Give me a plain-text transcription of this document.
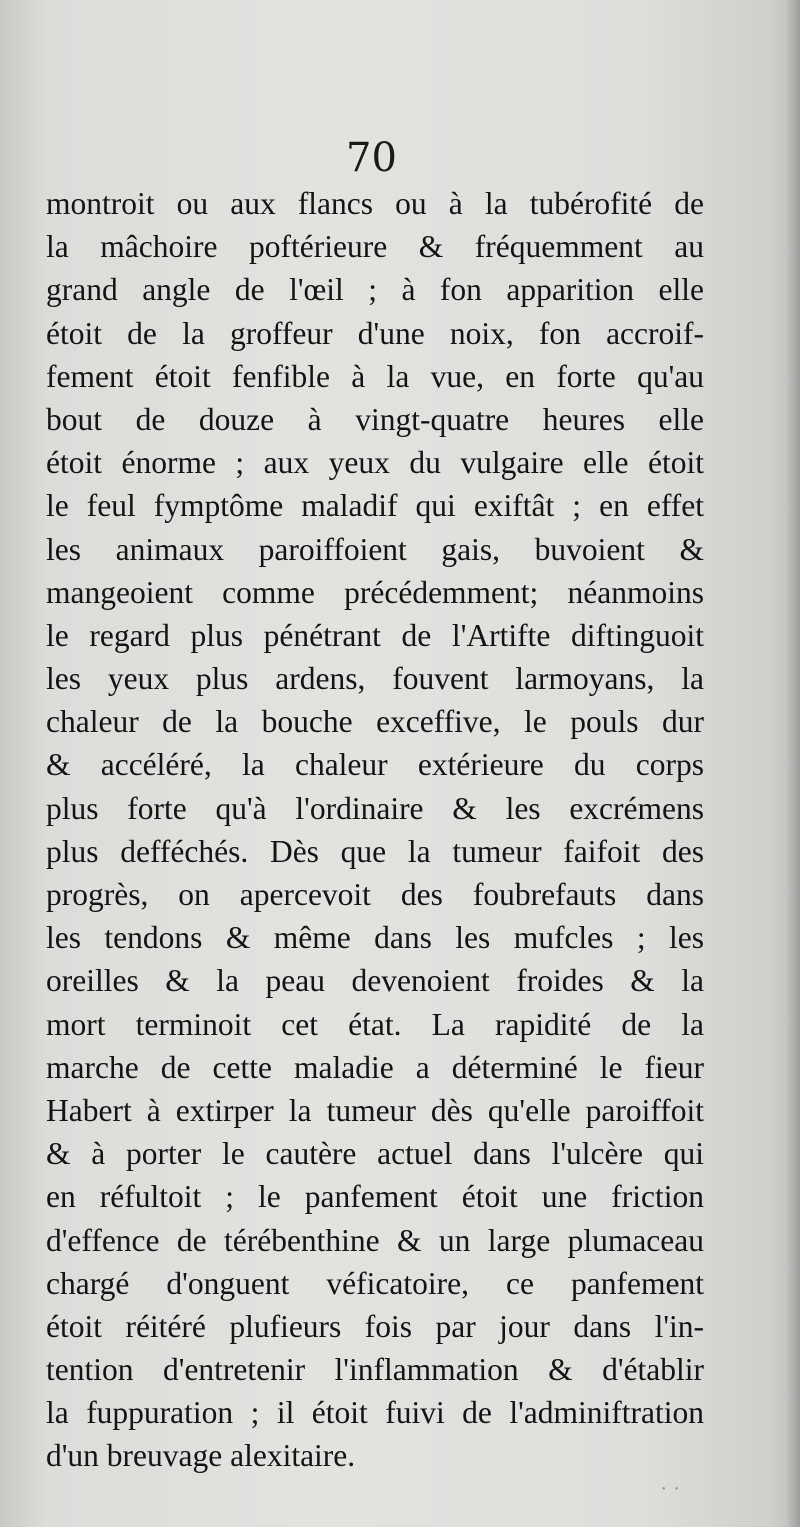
70
montroit ou aux flancs ou à la tubérofité de
la mâchoire poftérieure & fréquemment au
grand angle de l'œil ; à fon apparition elle
étoit de la groffeur d'une noix, fon accroif-
fement étoit fenfible à la vue, en forte qu'au
bout de douze à vingt-quatre heures elle
étoit énorme ; aux yeux du vulgaire elle étoit
le feul fymptôme maladif qui exiftât ; en effet
les animaux paroiffoient gais, buvoient &
mangeoient comme précédemment; néanmoins
le regard plus pénétrant de l'Artifte diftinguoit
les yeux plus ardens, fouvent larmoyans, la
chaleur de la bouche exceffive, le pouls dur
& accéléré, la chaleur extérieure du corps
plus forte qu'à l'ordinaire & les excrémens
plus defféchés. Dès que la tumeur faifoit des
progrès, on apercevoit des foubrefauts dans
les tendons & même dans les mufcles ; les
oreilles & la peau devenoient froides & la
mort terminoit cet état. La rapidité de la
marche de cette maladie a déterminé le fieur
Habert à extirper la tumeur dès qu'elle paroiffoit
& à porter le cautère actuel dans l'ulcère qui
en réfultoit ; le panfement étoit une friction
d'effence de térébenthine & un large plumaceau
chargé d'onguent véficatoire, ce panfement
étoit réitéré plufieurs fois par jour dans l'in-
tention d'entretenir l'inflammation & d'établir
la fuppuration ; il étoit fuivi de l'adminiftration
d'un breuvage alexitaire.
˙ ˙
